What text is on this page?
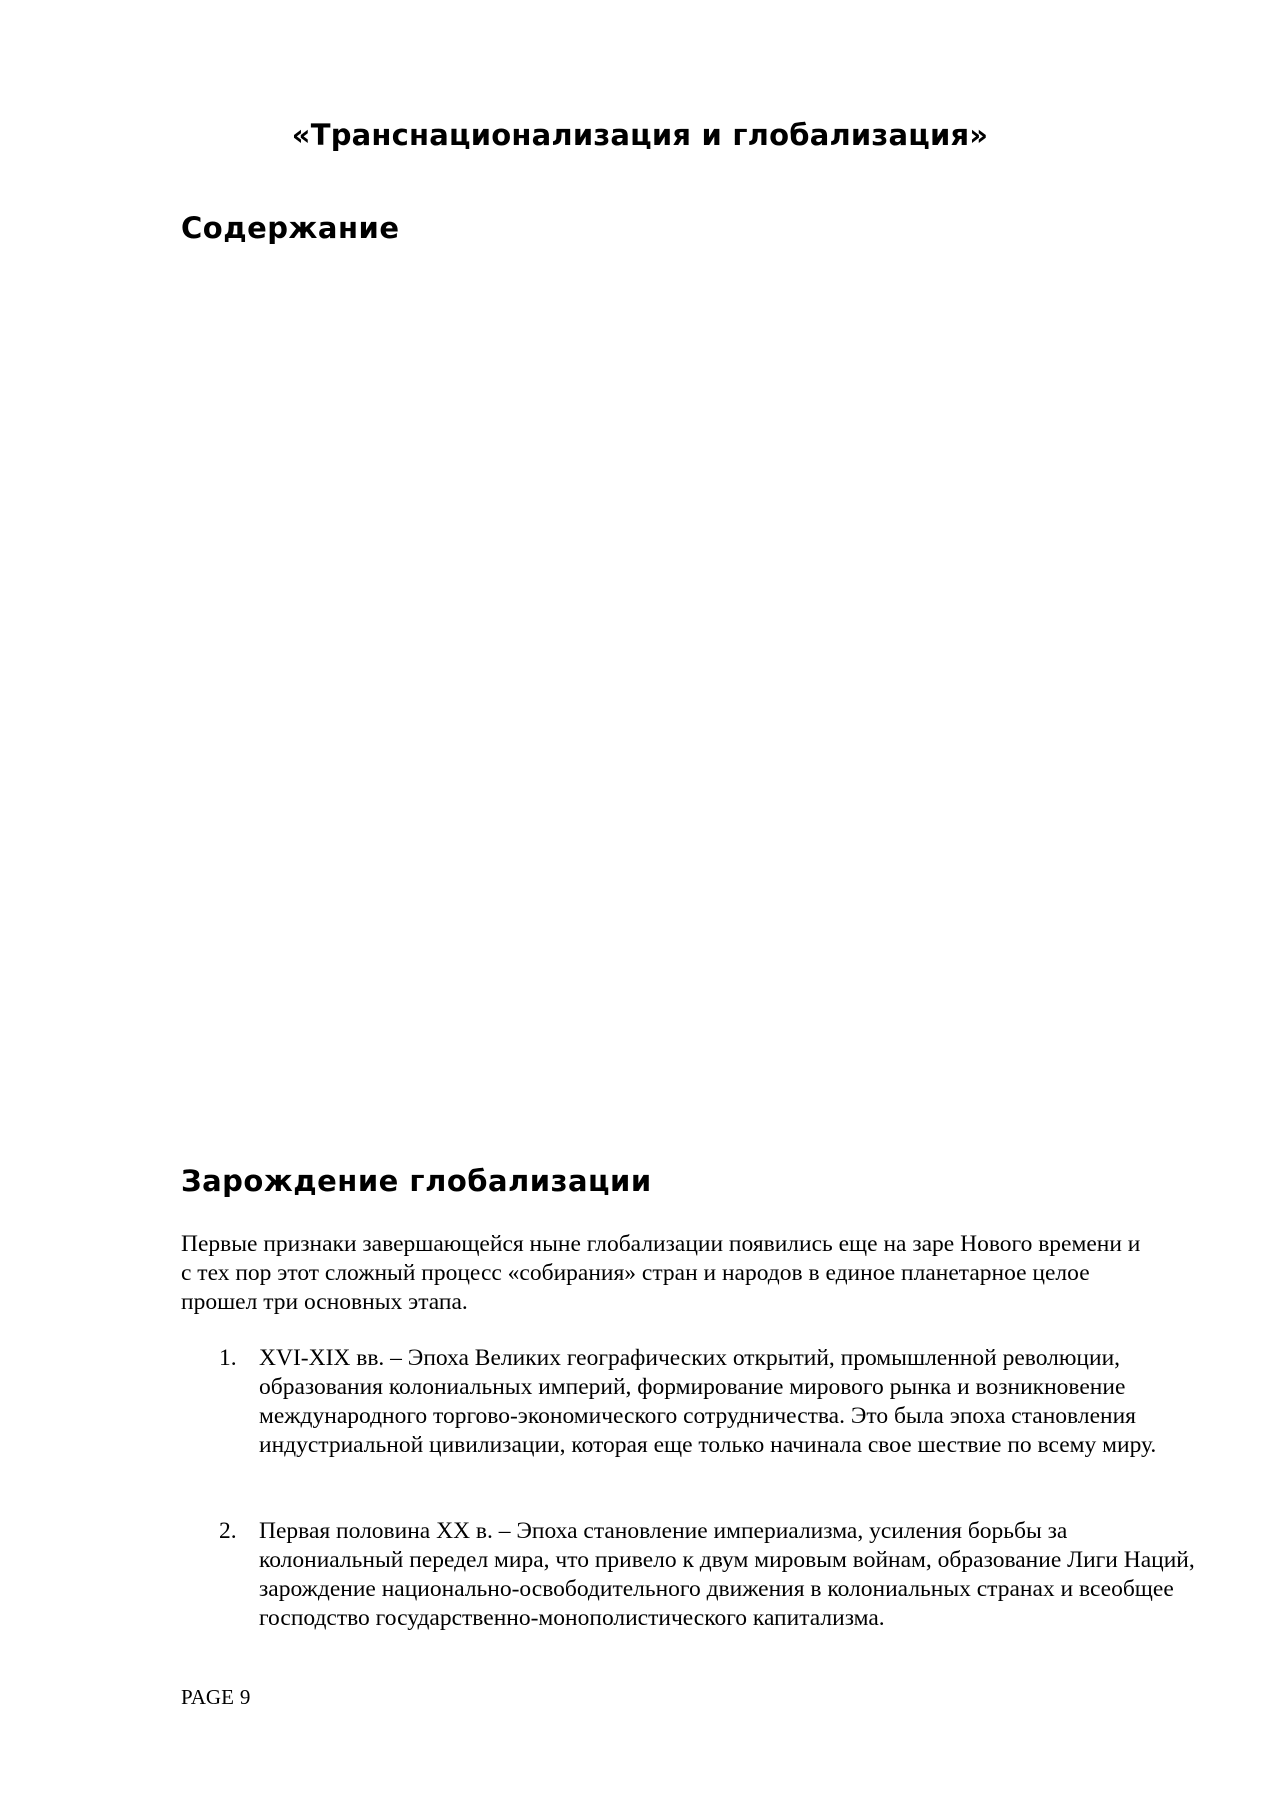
«Транснационализация и глобализация»
Содержание
Зарождение глобализации

Первые признаки завершающейся ныне глобализации появились еще на заре Нового времени и с тех пор этот сложный процесс «собирания» стран и народов в единое планетарное целое прошел три основных этапа.

1. XVI-XIX вв. – Эпоха Великих географических открытий, промышленной революции, образования колониальных империй, формирование мирового рынка и возникновение международного торгово-экономического сотрудничества. Это была эпоха становления индустриальной цивилизации, которая еще только начинала свое шествие по всему миру.
2. Первая половина XX в. – Эпоха становление империализма, усиления борьбы за колониальный передел мира, что привело к двум мировым войнам, образование Лиги Наций, зарождение национально-освободительного движения в колониальных странах и всеобщее господство государственно-монополистического капитализма.
PAGE 9
